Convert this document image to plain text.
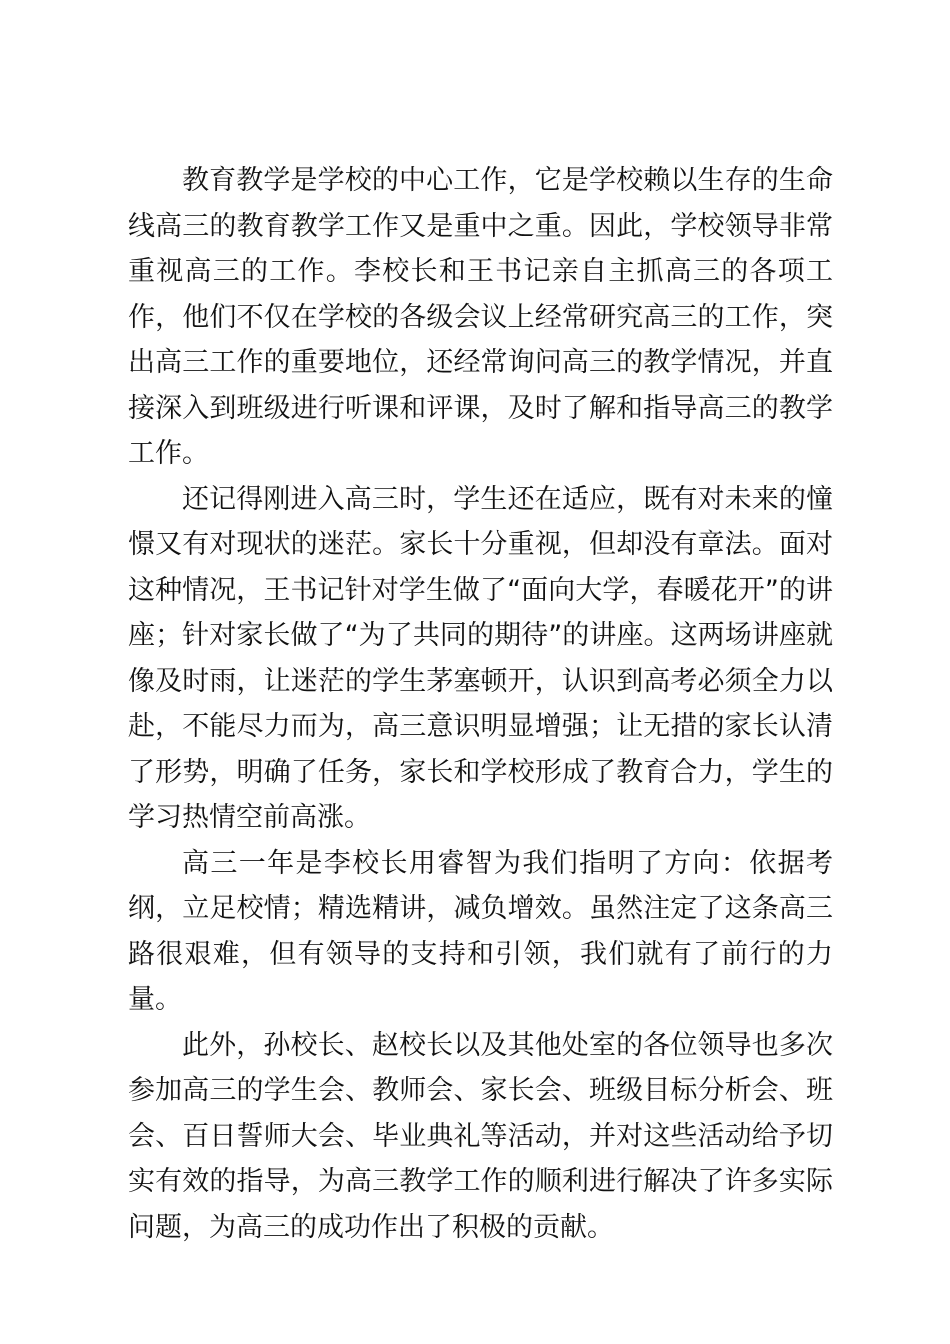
教育教学是学校的中心工作，它是学校赖以生存的生命线高三的教育教学工作又是重中之重。因此，学校领导非常重视高三的工作。李校长和王书记亲自主抓高三的各项工作，他们不仅在学校的各级会议上经常研究高三的工作，突出高三工作的重要地位，还经常询问高三的教学情况，并直接深入到班级进行听课和评课，及时了解和指导高三的教学工作。

还记得刚进入高三时，学生还在适应，既有对未来的憧憬又有对现状的迷茫。家长十分重视，但却没有章法。面对这种情况，王书记针对学生做了“面向大学，春暖花开”的讲座；针对家长做了“为了共同的期待”的讲座。这两场讲座就像及时雨，让迷茫的学生茅塞顿开，认识到高考必须全力以赴，不能尽力而为，高三意识明显增强；让无措的家长认清了形势，明确了任务，家长和学校形成了教育合力，学生的学习热情空前高涨。

高三一年是李校长用睿智为我们指明了方向：依据考纲，立足校情；精选精讲，减负增效。虽然注定了这条高三路很艰难，但有领导的支持和引领，我们就有了前行的力量。

此外，孙校长、赵校长以及其他处室的各位领导也多次参加高三的学生会、教师会、家长会、班级目标分析会、班会、百日誓师大会、毕业典礼等活动，并对这些活动给予切实有效的指导，为高三教学工作的顺利进行解决了许多实际问题，为高三的成功作出了积极的贡献。
